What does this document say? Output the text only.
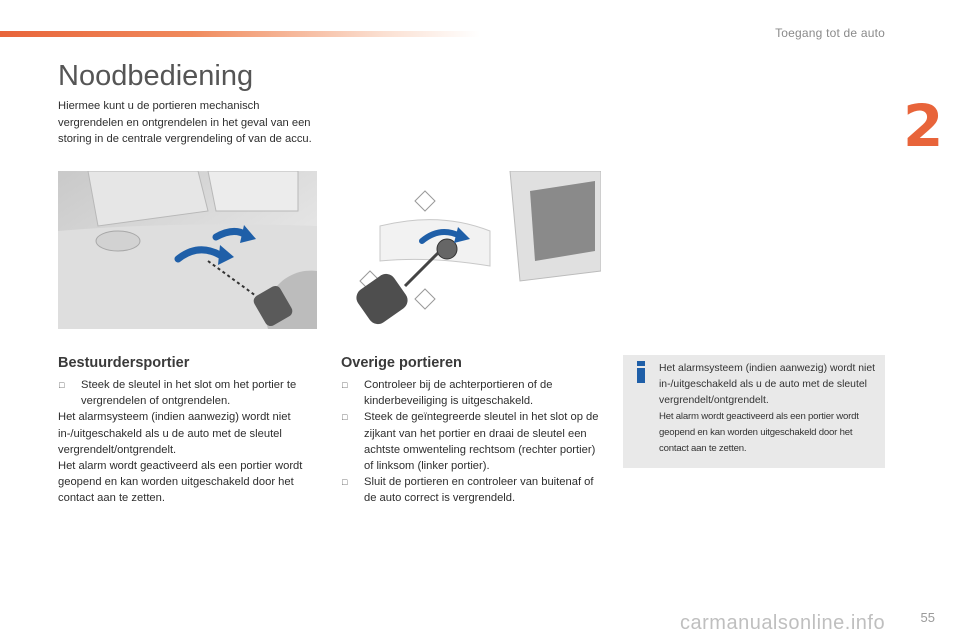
Toegang tot de auto
2
Noodbediening
Hiermee kunt u de portieren mechanisch vergrendelen en ontgrendelen in het geval van een storing in de centrale vergrendeling of van de accu.
Bestuurdersportier
□	Steek de sleutel in het slot om het portier te vergrendelen of ontgrendelen.
Het alarmsysteem (indien aanwezig) wordt niet in-/uitgeschakeld als u de auto met de sleutel vergrendelt/ontgrendelt.
Het alarm wordt geactiveerd als een portier wordt geopend en kan worden uitgeschakeld door het contact aan te zetten.
Overige portieren
□	Controleer bij de achterportieren of de kinderbeveiliging is uitgeschakeld.
□	Steek de geïntegreerde sleutel in het slot op de zijkant van het portier en draai de sleutel een achtste omwenteling rechtsom (rechter portier) of linksom (linker portier).
□	Sluit de portieren en controleer van buitenaf of de auto correct is vergrendeld.
Het alarmsysteem (indien aanwezig) wordt niet in-/uitgeschakeld als u de auto met de sleutel vergrendelt/ontgrendelt.
Het alarm wordt geactiveerd als een portier wordt geopend en kan worden uitgeschakeld door het contact aan te zetten.
carmanualsonline.info	55
